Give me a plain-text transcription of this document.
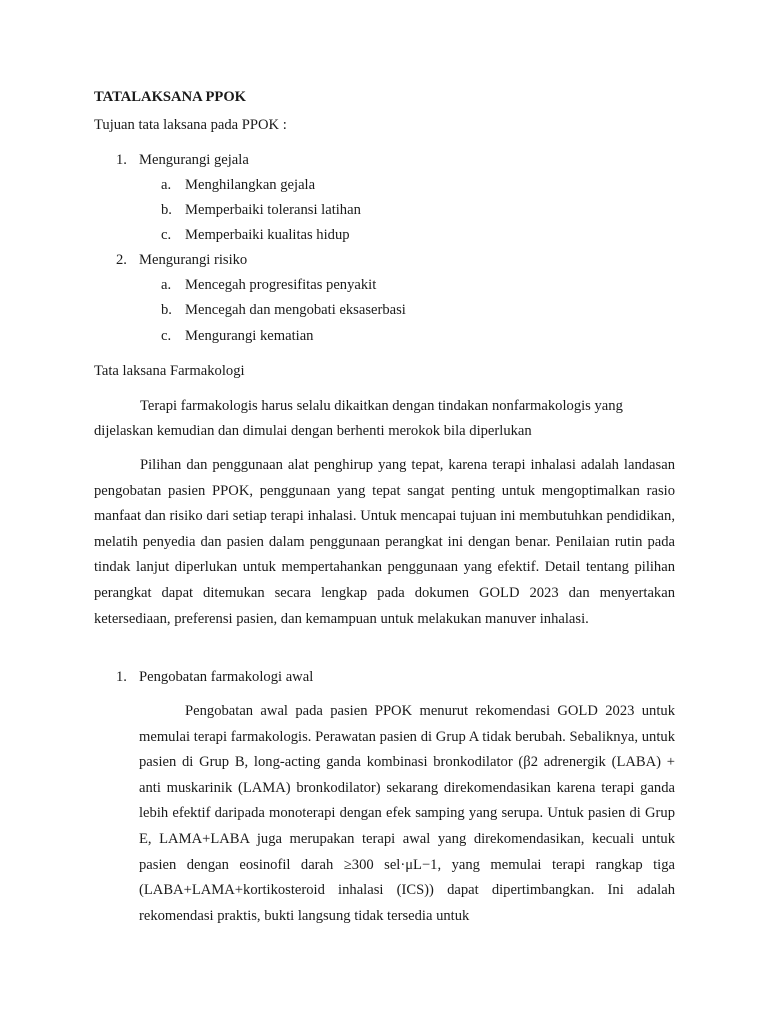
TATALAKSANA PPOK
Tujuan tata laksana pada PPOK :
1. Mengurangi gejala
a. Menghilangkan gejala
b. Memperbaiki toleransi latihan
c. Memperbaiki kualitas hidup
2. Mengurangi risiko
a. Mencegah progresifitas penyakit
b. Mencegah dan mengobati eksaserbasi
c. Mengurangi kematian
Tata laksana Farmakologi
Terapi farmakologis harus selalu dikaitkan dengan tindakan nonfarmakologis yang
dijelaskan kemudian dan dimulai dengan berhenti merokok bila diperlukan

Pilihan dan penggunaan alat penghirup yang tepat, karena terapi inhalasi adalah landasan pengobatan pasien PPOK, penggunaan yang tepat sangat penting untuk mengoptimalkan rasio manfaat dan risiko dari setiap terapi inhalasi. Untuk mencapai tujuan ini membutuhkan pendidikan, melatih penyedia dan pasien dalam penggunaan perangkat ini dengan benar. Penilaian rutin pada tindak lanjut diperlukan untuk mempertahankan penggunaan yang efektif. Detail tentang pilihan perangkat dapat ditemukan secara lengkap pada dokumen GOLD 2023 dan menyertakan ketersediaan, preferensi pasien, dan kemampuan untuk melakukan manuver inhalasi.

1. Pengobatan farmakologi awal

Pengobatan awal pada pasien PPOK menurut rekomendasi GOLD 2023 untuk memulai terapi farmakologis. Perawatan pasien di Grup A tidak berubah. Sebaliknya, untuk pasien di Grup B, long-acting ganda kombinasi bronkodilator (β2 adrenergik (LABA) + anti muskarinik (LAMA) bronkodilator) sekarang direkomendasikan karena terapi ganda lebih efektif daripada monoterapi dengan efek samping yang serupa. Untuk pasien di Grup E, LAMA+LABA juga merupakan terapi awal yang direkomendasikan, kecuali untuk pasien dengan eosinofil darah ≥300 sel·μL−1, yang memulai terapi rangkap tiga (LABA+LAMA+kortikosteroid inhalasi (ICS)) dapat dipertimbangkan. Ini adalah rekomendasi praktis, bukti langsung tidak tersedia untuk
